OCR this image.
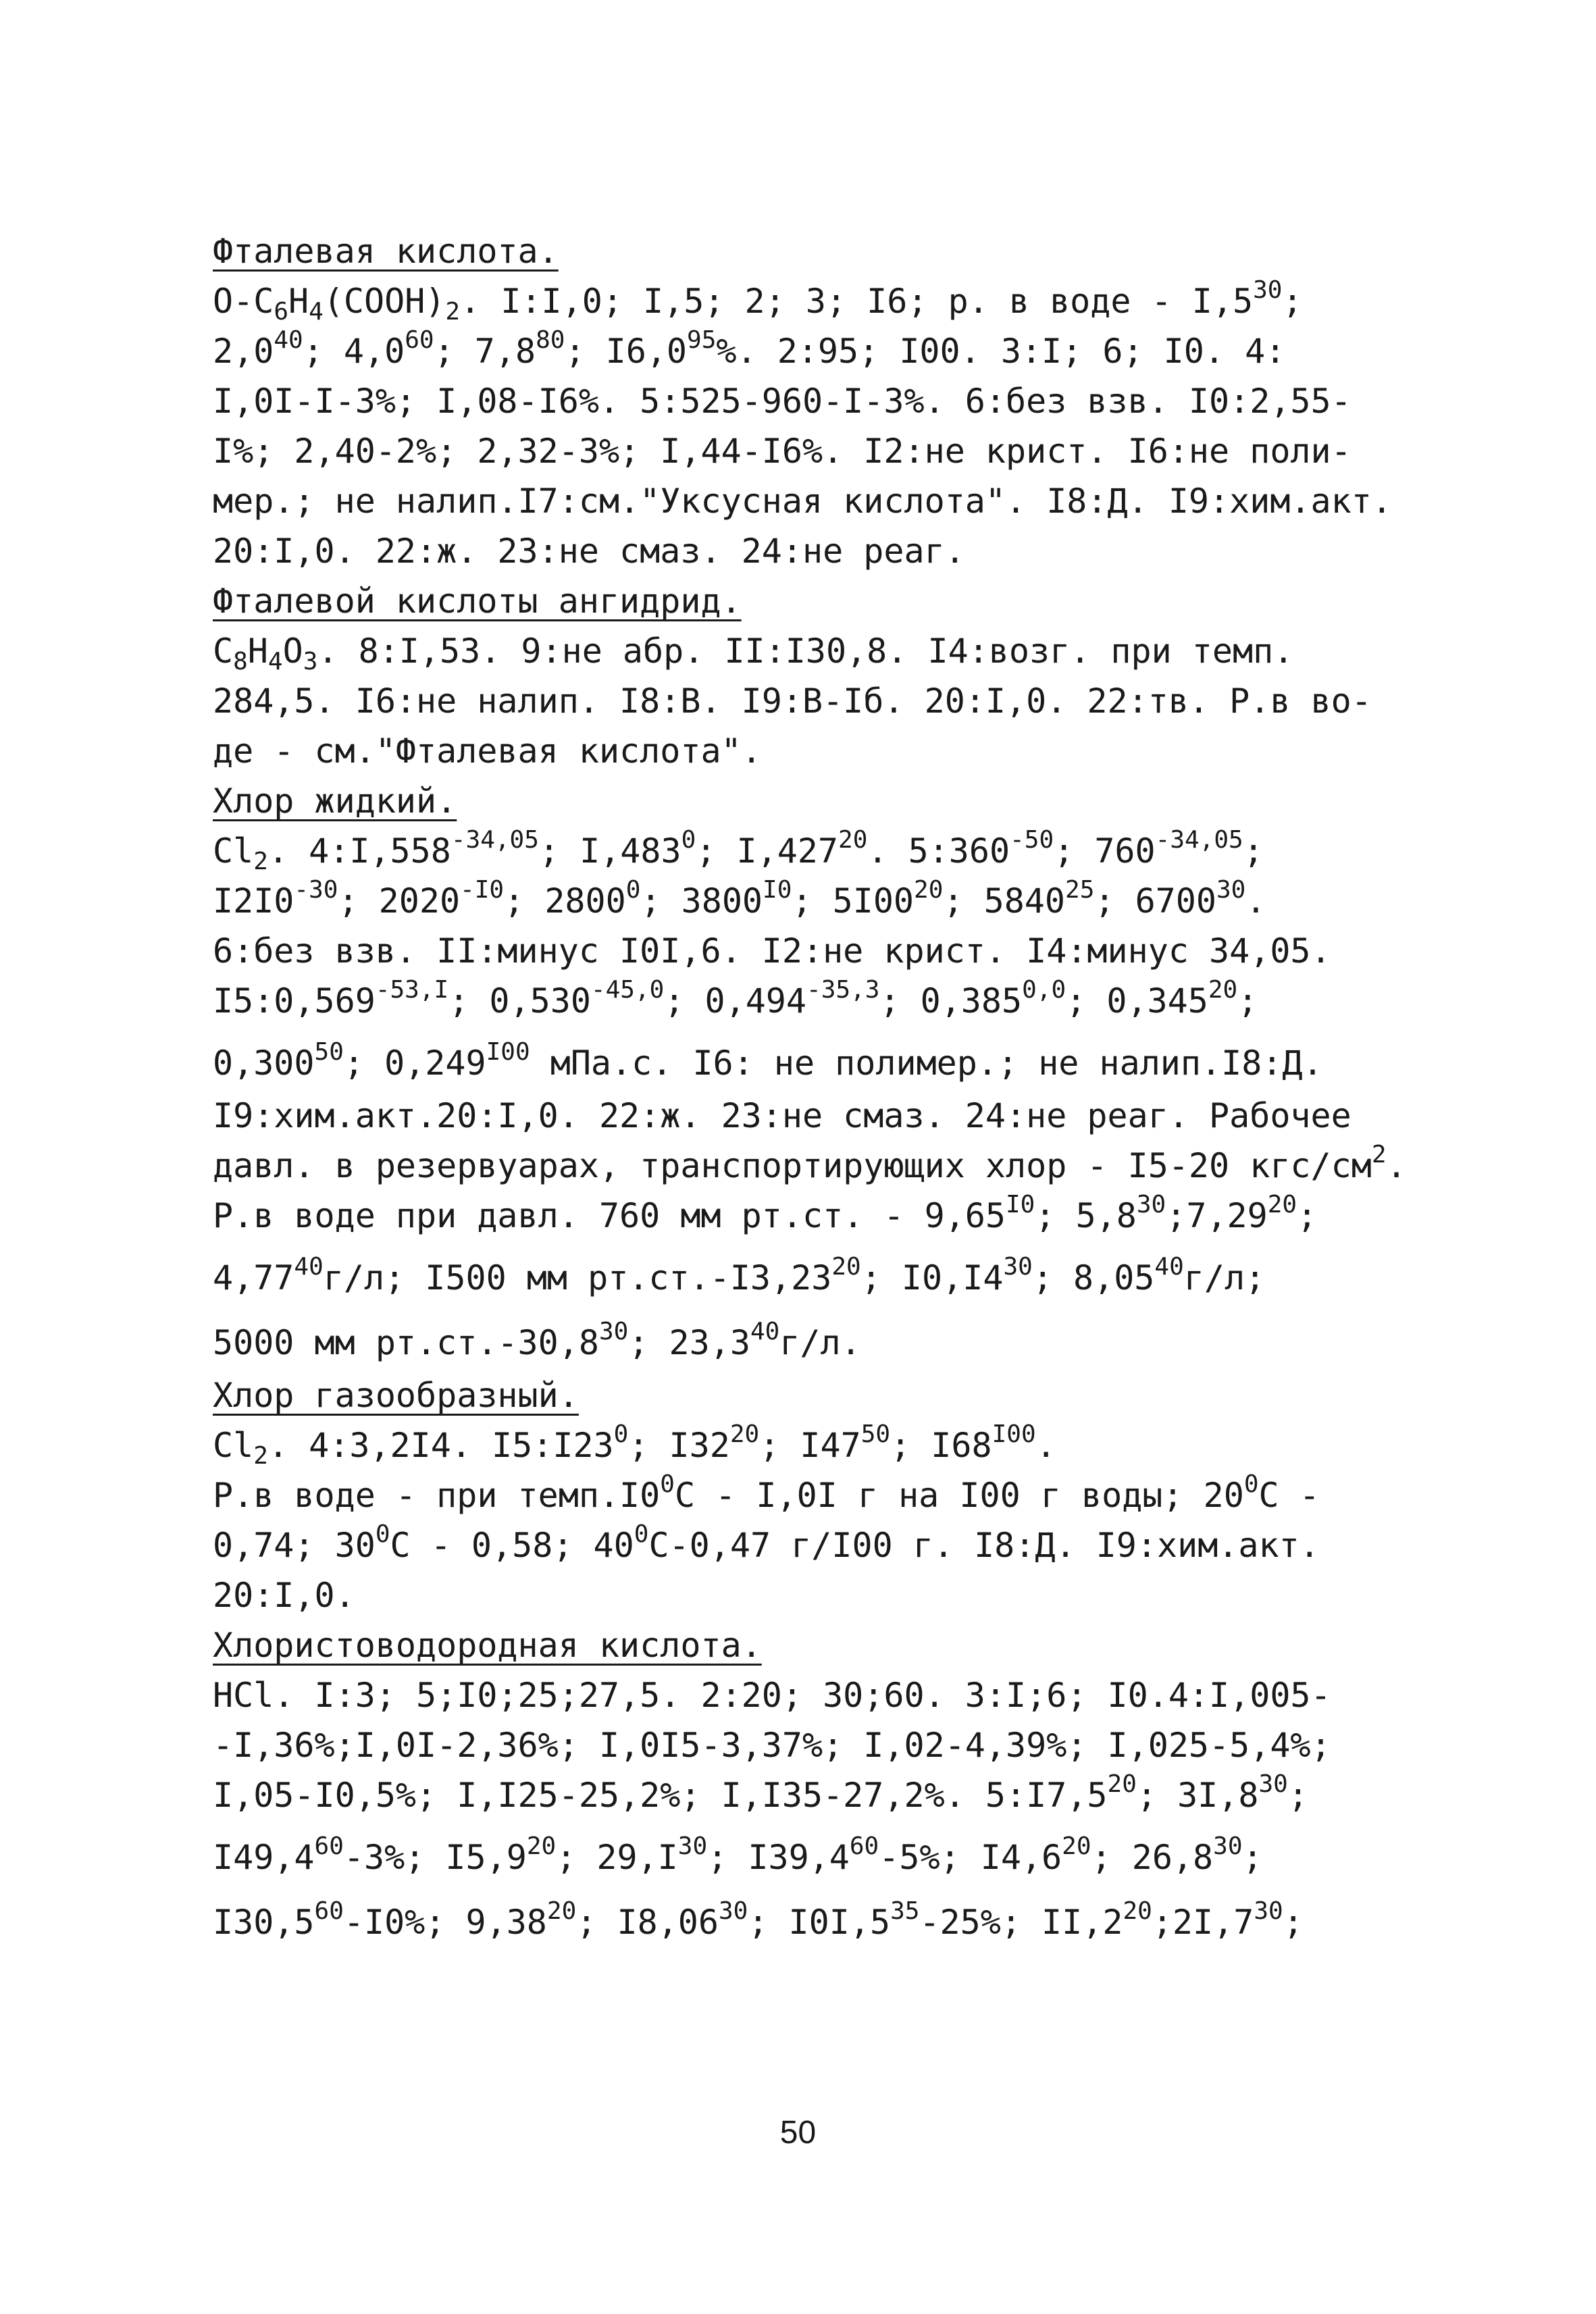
Фталевая кислота.
$O-C_6H_4(COOH)_2$. I:I,0; I,5; 2; 3; I6; р. в воде - $I,5^{30}$;
$2,0^{40}$; $4,0^{60}$; $7,8^{80}$; $I6,0^{95}\%$. 2:95; I00. 3:I; 6; I0. 4:
I,0I-I-3%; I,08-I6%. 5:525-960-I-3%. 6:без взв. I0:2,55-
I%; 2,40-2%; 2,32-3%; I,44-I6%. I2:не крист. I6:не поли-
мер.; не налип.I7:см."Уксусная кислота". I8:Д. I9:хим.акт.
20:I,0. 22:ж. 23:не смаз. 24:не реаг.
Фталевой кислоты ангидрид.
$C_8H_4O_3$. 8:I,53. 9:не абр. II:I30,8. I4:возг. при темп.
284,5. I6:не налип. I8:В. I9:В-Iб. 20:I,0. 22:тв. Р.в во-
де - см."Фталевая кислота".
Хлор жидкий.
$Cl_2$. $4:I,558^{-34,05}$; I,483$^0$; I,427$^{20}$. $5:360^{-50}$; $760^{-34,05}$;
$I2I0^{-30}$; $2020^{-I0}$; 2800$^0$; $3800^{I0}$; $5I00^{20}$; 5840$^{25}$; 6700$^{30}$.
6:без взв. II:минус I0I,6. I2:не крист. I4:минус 34,05.
$I5:0,569^{-53,I}$; $0,530^{-45,0}$; $0,494^{-35,3}$; 0,385$^{0,0}$; 0,345$^{20}$;
0,300$^{50}$; $0,249^{I00}$ мПа.с. I6: не полимер.; не налип.I8:Д.
I9:хим.акт.20:I,0. 22:ж. 23:не смаз. 24:не реаг. Рабочее
давл. в резервуарах, транспортирующих хлор - I5-20 кгс/$см^2$.
Р.в воде при давл. 760 мм рт.ст. - $9,65^{I0}$; $5,8^{30};7,29^{20}$;
4,77$^{40}$г/л; I500 мм рт.ст.-I3,23$^{20}$; $I0,I4^{30}$; 8,05$^{40}$г/л;
5000 мм рт.ст.-30,8$^{30}$; 23,3$^{40}$г/л.
Хлор газообразный.
$Cl_2$. 4:3,2I4. $I5:I23^0$; $I32^{20}$; $I47^{50}$; $I68^{I00}$.
Р.в воде - при $темп.I0^0C - I,0I$ г на I00 г воды; $20^0C$ -
0,74; $30^0C - 0,58$; $40^0C-0,47$ г/I00 г. I8:Д. I9:хим.акт.
20:I,0.
Хлористоводородная кислота.
HCl. I:3; 5;I0;25;27,5. 2:20; 30;60. 3:I;6; I0.4:I,005-
-I,36%;I,0I-2,36%; I,0I5-3,37%; I,02-4,39%; I,025-5,4%;
I,05-I0,5%; I,I25-25,2%; I,I35-27,2%. $5:I7,5^{20}$; $3I,8^{30}$;
I49,4$^{60}$-3%; $I5,9^{20}$; $29,I^{30}$; I39,4$^{60}$-5%; $I4,6^{20}$; 26,8$^{30}$;
I30,5$^{60}$-I0%; 9,38$^{20}$; I8,06$^{30}$; $I0I,5^{35}-25\%$; $II,2^{20};2I,7^{30}$;
50
